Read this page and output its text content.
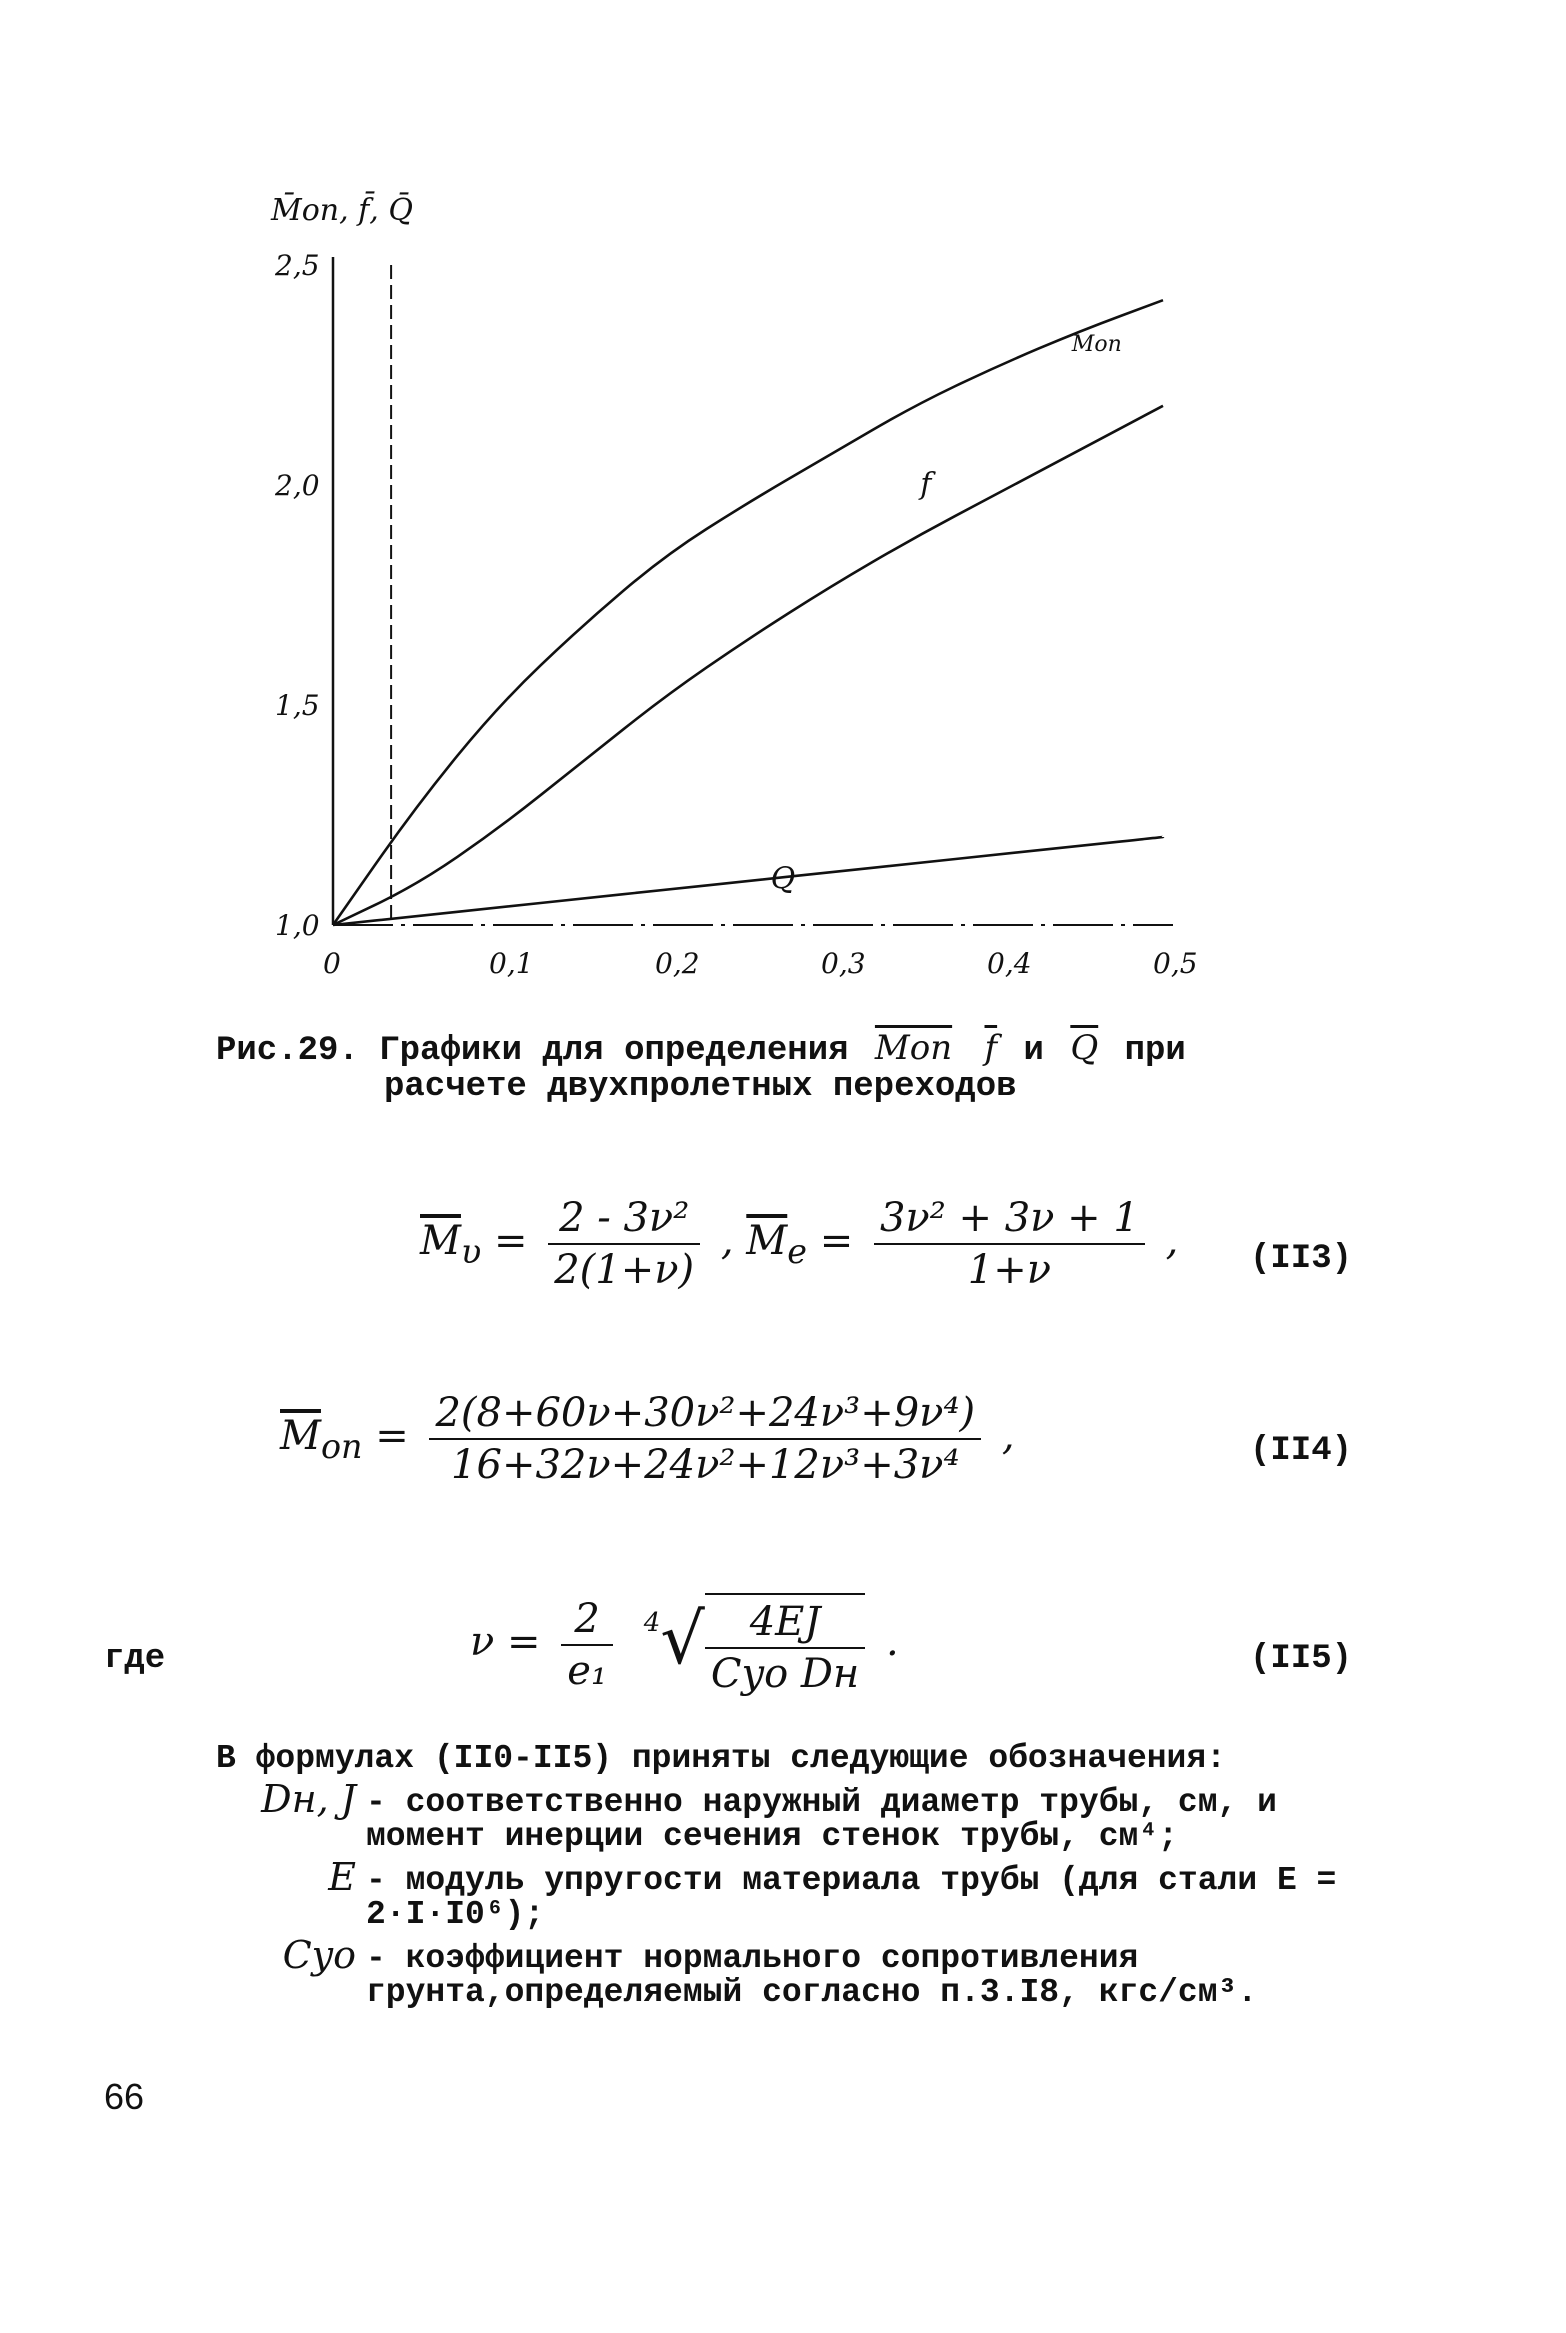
Моп
f
Q
0	0,1	0,2	0,3	0,4	0,5
1,0
1,5
2,0
2,5
M̄оп, f̄, Q̄
Рис.29. Графики для определения Mоп $\overline{f}$ и $\overline{Q}$ при
расчете двухпролетных переходов
$\overline{M}_\upsilon = \frac{\text{2 - 3ν²}}{2(1+\nu)}$ , $\overline{M}_e = \frac{\text{3ν² + 3ν + 1}}{1+\nu}$ , (II3)
$\overline{M}_{оп} = \frac{\text{2(8+60ν+30ν²+24ν³+9ν⁴)}}{\text{16+32ν+24ν²+12ν³+3ν⁴}}$ ,	(II4)
где	$\nu = \frac{2}{\text{e₁}} ^4√ \frac{4EJ}{\text{Cyo Dн}}$ .	(II5)
В формулах (II0-II5) приняты следующие обозначения:
Dн, J - соответственно наружный диаметр трубы, см, и момент инерции сечения стенок трубы, см⁴;
E - модуль упругости материала трубы (для стали Е = 2·I·I0⁶);
Cyo - коэффициент нормального сопротивления грунта,определяемый согласно п.3.I8, кгс/см³.
66
